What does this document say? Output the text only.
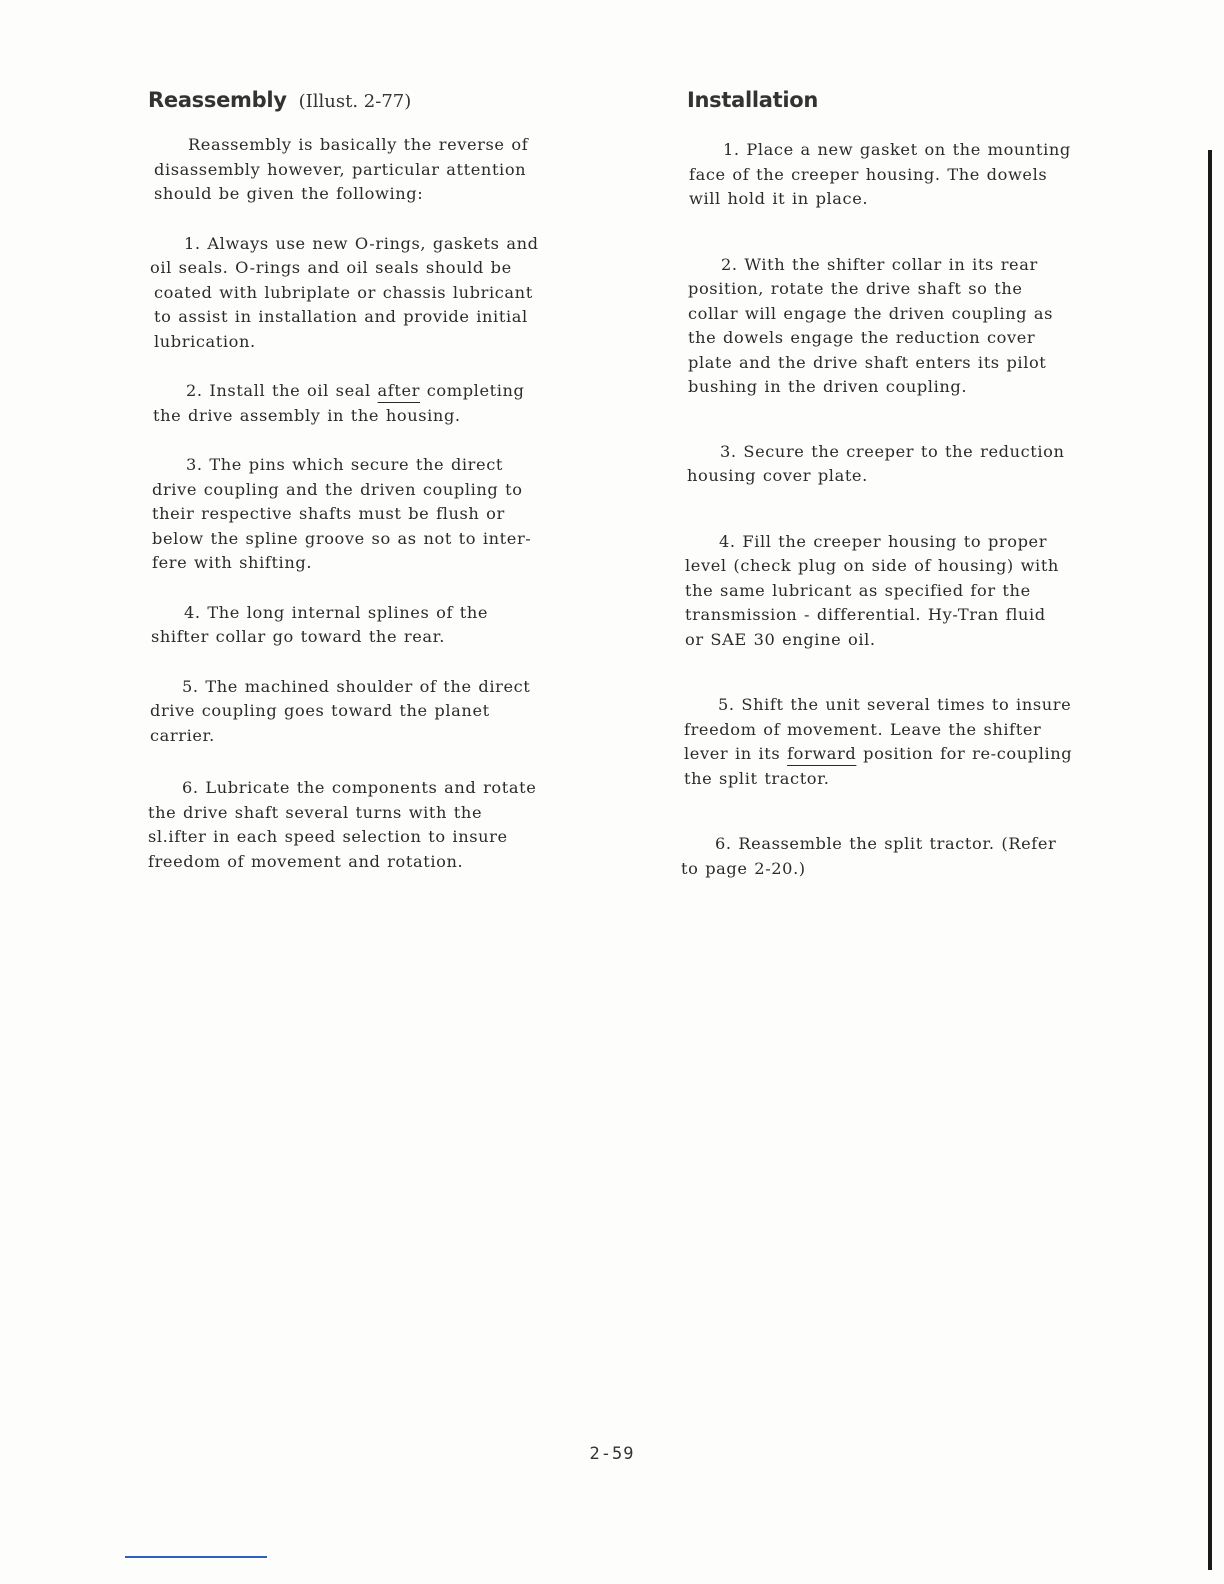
Reassembly (Illust. 2-77)

Reassembly is basically the reverse of

disassembly however, particular attention

should be given the following:

1. Always use new O-rings, gaskets and

oil seals. O-rings and oil seals should be

coated with lubriplate or chassis lubricant

to assist in installation and provide initial

lubrication.

2. Install the oil seal after completing

the drive assembly in the housing.

3. The pins which secure the direct

drive coupling and the driven coupling to

their respective shafts must be flush or

below the spline groove so as not to inter-

fere with shifting.

4. The long internal splines of the

shifter collar go toward the rear.

5. The machined shoulder of the direct

drive coupling goes toward the planet

carrier.

6. Lubricate the components and rotate

the drive shaft several turns with the

sl.ifter in each speed selection to insure

freedom of movement and rotation.

Installation

1. Place a new gasket on the mounting

face of the creeper housing. The dowels

will hold it in place.

2. With the shifter collar in its rear

position, rotate the drive shaft so the

collar will engage the driven coupling as

the dowels engage the reduction cover

plate and the drive shaft enters its pilot

bushing in the driven coupling.

3. Secure the creeper to the reduction

housing cover plate.

4. Fill the creeper housing to proper

level (check plug on side of housing) with

the same lubricant as specified for the

transmission - differential. Hy-Tran fluid

or SAE 30 engine oil.

5. Shift the unit several times to insure

freedom of movement. Leave the shifter

lever in its forward position for re-coupling

the split tractor.

6. Reassemble the split tractor. (Refer

to page 2-20.)

2-59
